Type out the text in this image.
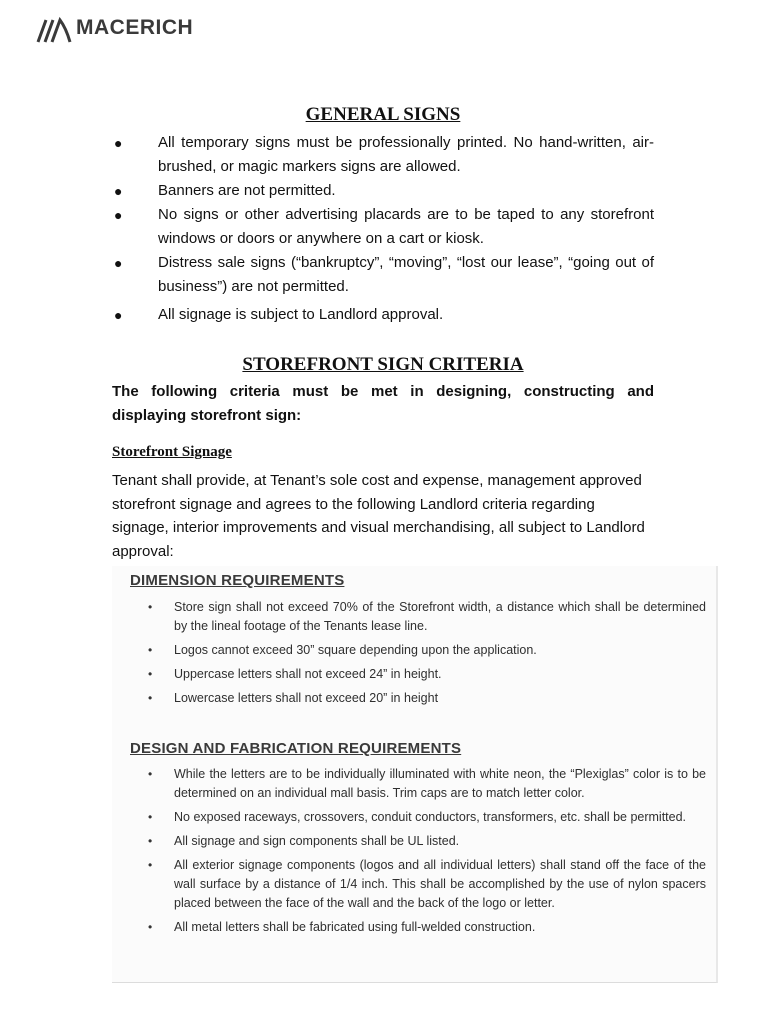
MACERICH
GENERAL SIGNS
● All temporary signs must be professionally printed. No hand-written, air-brushed, or magic markers signs are allowed.
● Banners are not permitted.
● No signs or other advertising placards are to be taped to any storefront windows or doors or anywhere on a cart or kiosk.
● Distress sale signs (“bankruptcy”, “moving”, “lost our lease”, “going out of business”) are not permitted.
● All signage is subject to Landlord approval.
STOREFRONT SIGN CRITERIA
The following criteria must be met in designing, constructing and displaying storefront sign:
Storefront Signage
Tenant shall provide, at Tenant’s sole cost and expense, management approved storefront signage and agrees to the following Landlord criteria regarding signage, interior improvements and visual merchandising, all subject to Landlord approval:
DIMENSION REQUIREMENTS
• Store sign shall not exceed 70% of the Storefront width, a distance which shall be determined by the lineal footage of the Tenants lease line.
• Logos cannot exceed 30” square depending upon the application.
• Uppercase letters shall not exceed 24” in height.
• Lowercase letters shall not exceed 20” in height
DESIGN AND FABRICATION REQUIREMENTS
• While the letters are to be individually illuminated with white neon, the “Plexiglas” color is to be determined on an individual mall basis. Trim caps are to match letter color.
• No exposed raceways, crossovers, conduit conductors, transformers, etc. shall be permitted.
• All signage and sign components shall be UL listed.
• All exterior signage components (logos and all individual letters) shall stand off the face of the wall surface by a distance of 1/4 inch. This shall be accomplished by the use of nylon spacers placed between the face of the wall and the back of the logo or letter.
• All metal letters shall be fabricated using full-welded construction.
